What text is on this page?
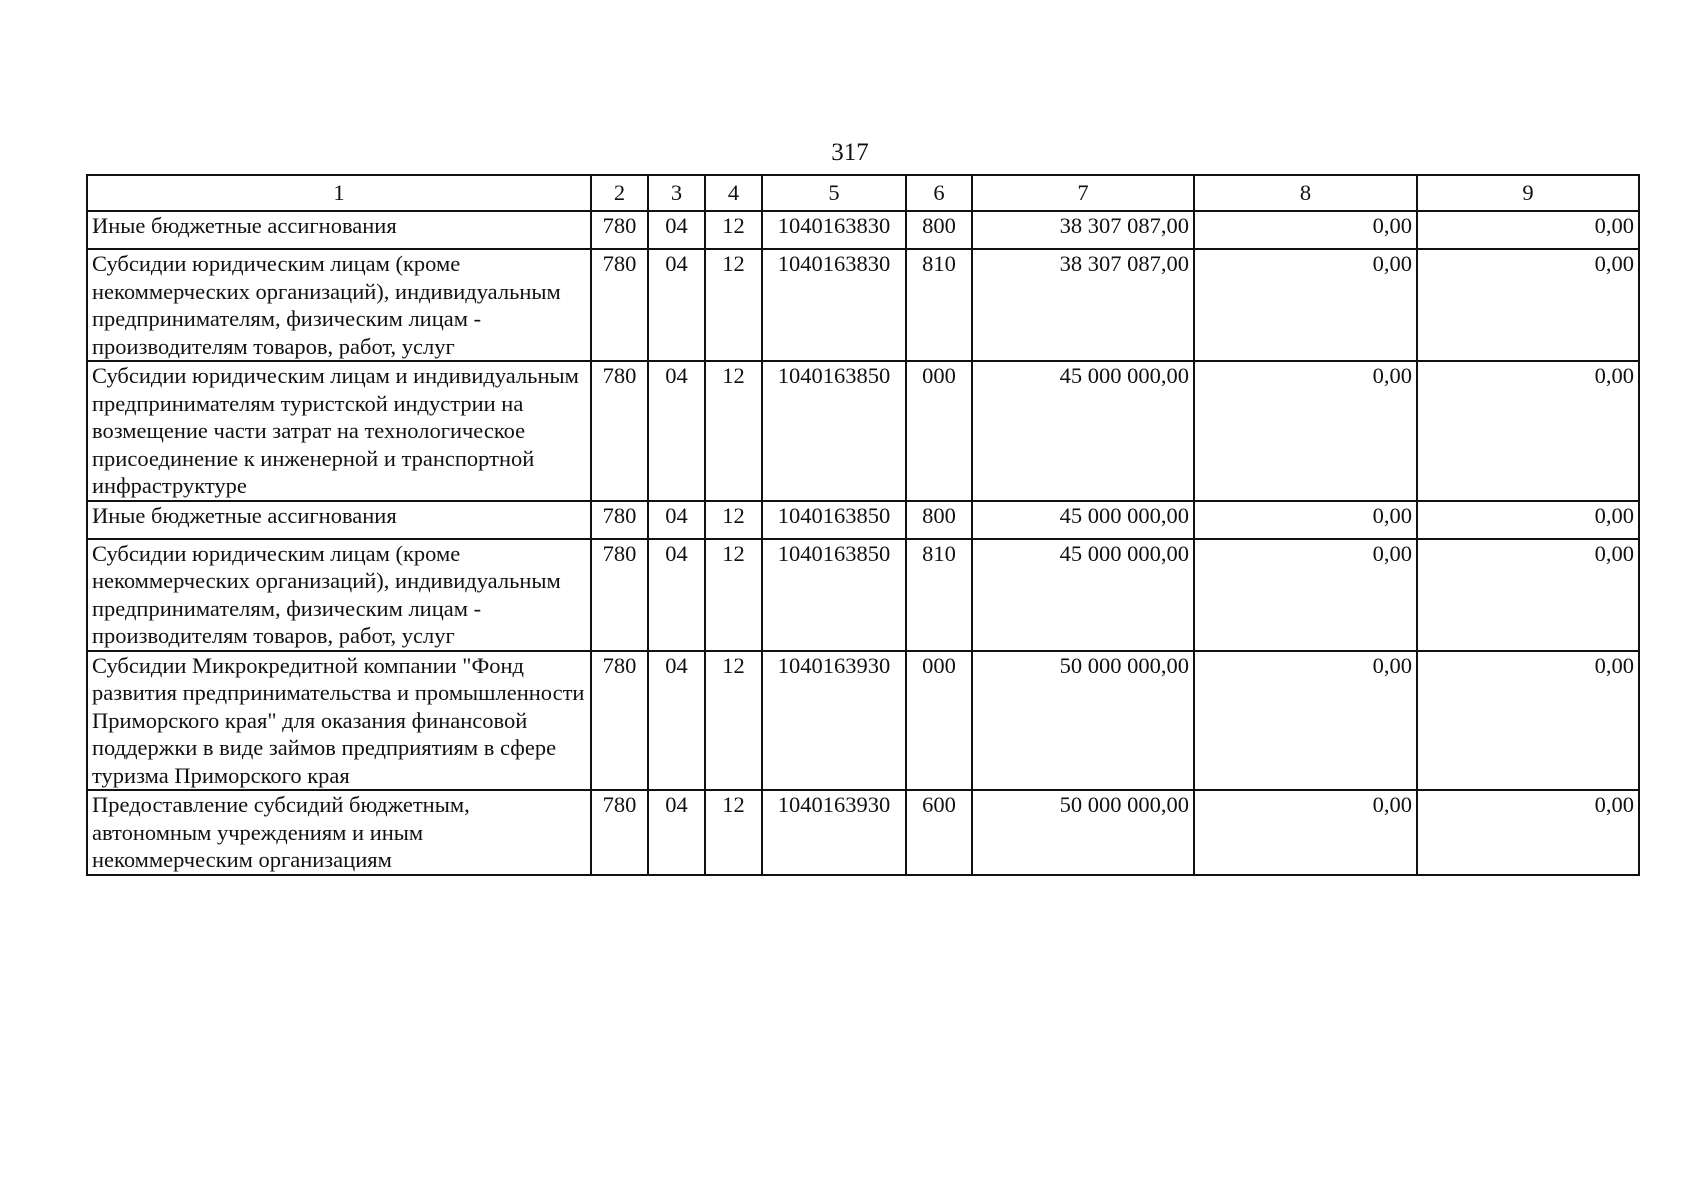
317
1	2	3	4	5	6	7	8	9
Иные бюджетные ассигнования	780	04	12	1040163830	800	38 307 087,00	0,00	0,00
Субсидии юридическим лицам (кроме некоммерческих организаций), индивидуальным предпринимателям, физическим лицам - производителям товаров, работ, услуг	780	04	12	1040163830	810	38 307 087,00	0,00	0,00
Субсидии юридическим лицам и индивидуальным предпринимателям туристской индустрии на возмещение части затрат на технологическое присоединение к инженерной и транспортной инфраструктуре	780	04	12	1040163850	000	45 000 000,00	0,00	0,00
Иные бюджетные ассигнования	780	04	12	1040163850	800	45 000 000,00	0,00	0,00
Субсидии юридическим лицам (кроме некоммерческих организаций), индивидуальным предпринимателям, физическим лицам - производителям товаров, работ, услуг	780	04	12	1040163850	810	45 000 000,00	0,00	0,00
Субсидии Микрокредитной компании "Фонд развития предпринимательства и промышленности Приморского края" для оказания финансовой поддержки в виде займов предприятиям в сфере туризма Приморского края	780	04	12	1040163930	000	50 000 000,00	0,00	0,00
Предоставление субсидий бюджетным, автономным учреждениям и иным некоммерческим организациям	780	04	12	1040163930	600	50 000 000,00	0,00	0,00
